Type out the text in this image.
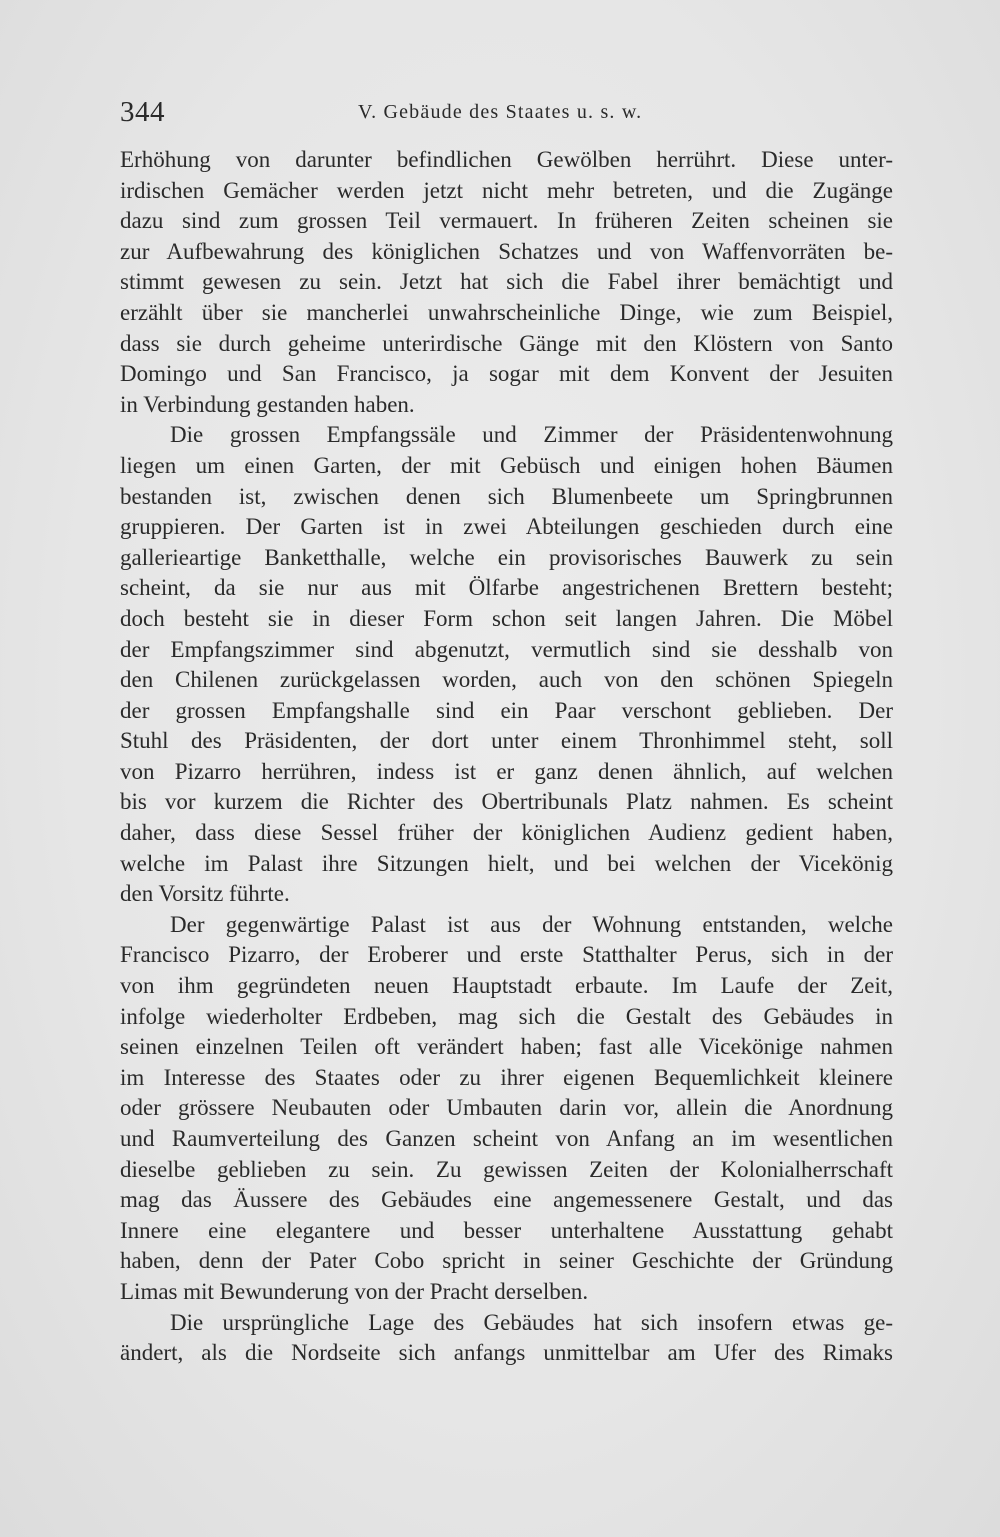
344	V. Gebäude des Staates u. s. w.
Erhöhung von darunter befindlichen Gewölben herrührt. Diese unter-
irdischen Gemächer werden jetzt nicht mehr betreten, und die Zugänge
dazu sind zum grossen Teil vermauert. In früheren Zeiten scheinen sie
zur Aufbewahrung des königlichen Schatzes und von Waffenvorräten be-
stimmt gewesen zu sein. Jetzt hat sich die Fabel ihrer bemächtigt und
erzählt über sie mancherlei unwahrscheinliche Dinge, wie zum Beispiel,
dass sie durch geheime unterirdische Gänge mit den Klöstern von Santo
Domingo und San Francisco, ja sogar mit dem Konvent der Jesuiten
in Verbindung gestanden haben.
Die grossen Empfangssäle und Zimmer der Präsidentenwohnung
liegen um einen Garten, der mit Gebüsch und einigen hohen Bäumen
bestanden ist, zwischen denen sich Blumenbeete um Springbrunnen
gruppieren. Der Garten ist in zwei Abteilungen geschieden durch eine
gallerieartige Banketthalle, welche ein provisorisches Bauwerk zu sein
scheint, da sie nur aus mit Ölfarbe angestrichenen Brettern besteht;
doch besteht sie in dieser Form schon seit langen Jahren. Die Möbel
der Empfangszimmer sind abgenutzt, vermutlich sind sie desshalb von
den Chilenen zurückgelassen worden, auch von den schönen Spiegeln
der grossen Empfangshalle sind ein Paar verschont geblieben. Der
Stuhl des Präsidenten, der dort unter einem Thronhimmel steht, soll
von Pizarro herrühren, indess ist er ganz denen ähnlich, auf welchen
bis vor kurzem die Richter des Obertribunals Platz nahmen. Es scheint
daher, dass diese Sessel früher der königlichen Audienz gedient haben,
welche im Palast ihre Sitzungen hielt, und bei welchen der Vicekönig
den Vorsitz führte.
Der gegenwärtige Palast ist aus der Wohnung entstanden, welche
Francisco Pizarro, der Eroberer und erste Statthalter Perus, sich in der
von ihm gegründeten neuen Hauptstadt erbaute. Im Laufe der Zeit,
infolge wiederholter Erdbeben, mag sich die Gestalt des Gebäudes in
seinen einzelnen Teilen oft verändert haben; fast alle Vicekönige nahmen
im Interesse des Staates oder zu ihrer eigenen Bequemlichkeit kleinere
oder grössere Neubauten oder Umbauten darin vor, allein die Anordnung
und Raumverteilung des Ganzen scheint von Anfang an im wesentlichen
dieselbe geblieben zu sein. Zu gewissen Zeiten der Kolonialherrschaft
mag das Äussere des Gebäudes eine angemessenere Gestalt, und das
Innere eine elegantere und besser unterhaltene Ausstattung gehabt
haben, denn der Pater Cobo spricht in seiner Geschichte der Gründung
Limas mit Bewunderung von der Pracht derselben.
Die ursprüngliche Lage des Gebäudes hat sich insofern etwas ge-
ändert, als die Nordseite sich anfangs unmittelbar am Ufer des Rimaks
